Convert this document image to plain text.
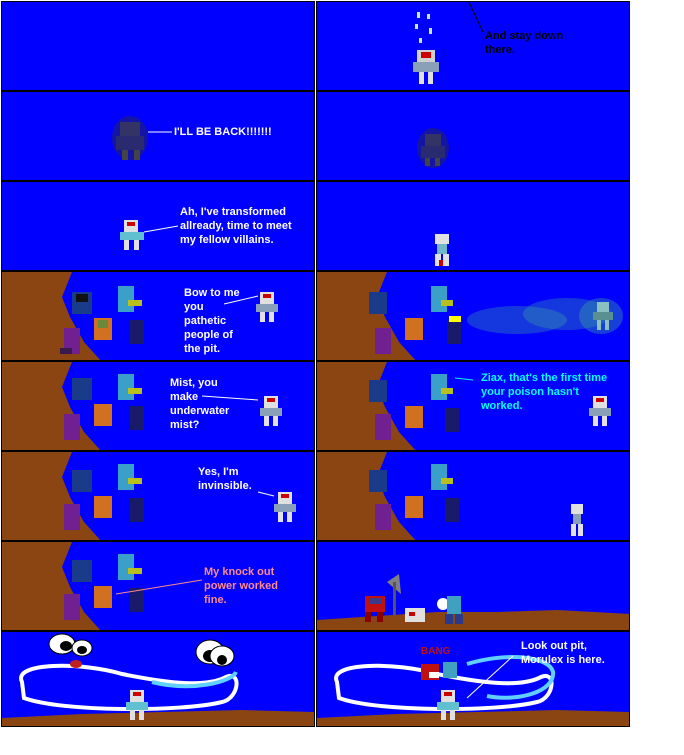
And stay down
there.
I'LL BE BACK!!!!!!!
Ah, I've transformed
allready, time to meet
my fellow villains.
Bow to me
you
pathetic
people of
the pit.
Mist, you
make
underwater
mist?
Ziax, that's the first time
your poison hasn't
worked.
Yes, I'm
invinsible.
My knock out
power worked
fine.
BANG	Look out pit,
Morulex is here.
